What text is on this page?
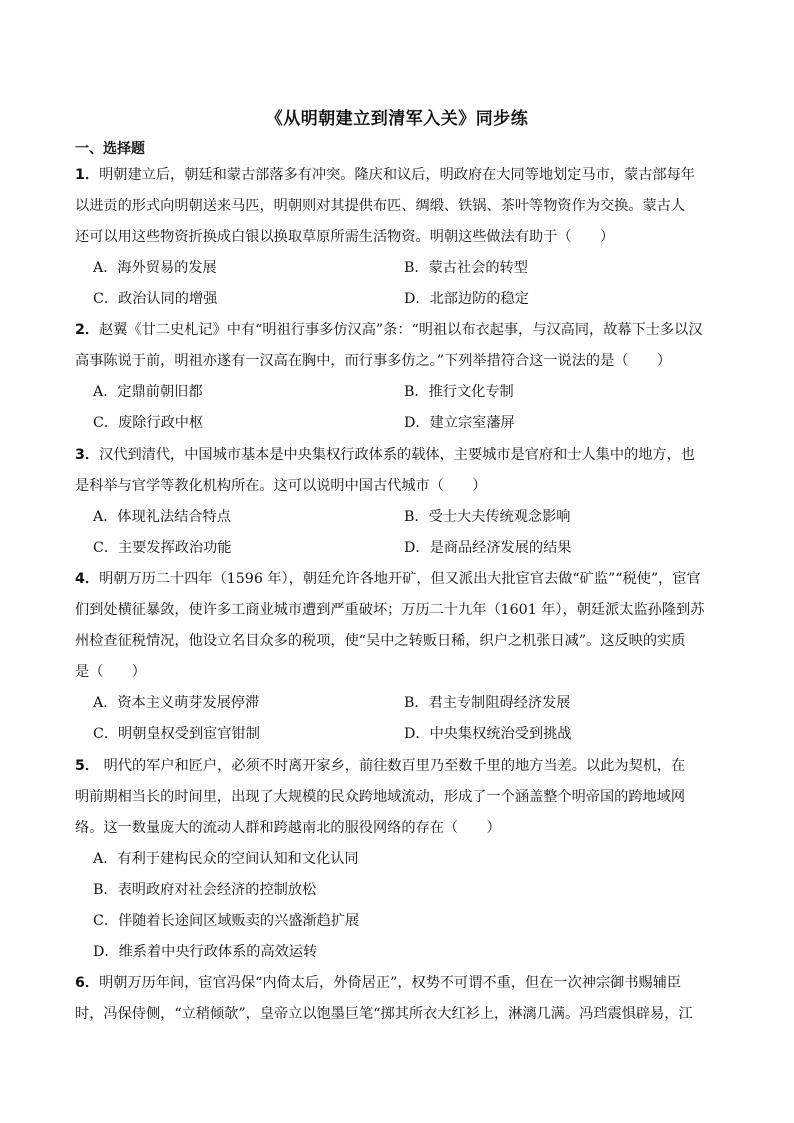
《从明朝建立到清军入关》同步练
一、选择题
1．明朝建立后，朝廷和蒙古部落多有冲突。隆庆和议后，明政府在大同等地划定马市，蒙古部每年
以进贡的形式向明朝送来马匹，明朝则对其提供布匹、绸缎、铁锅、茶叶等物资作为交换。蒙古人
还可以用这些物资折换成白银以换取草原所需生活物资。明朝这些做法有助于（　　）
A．海外贸易的发展	B．蒙古社会的转型
C．政治认同的增强	D．北部边防的稳定
2．赵翼《廿二史札记》中有“明祖行事多仿汉高”条：“明祖以布衣起事，与汉高同，故幕下士多以汉
高事陈说于前，明祖亦遂有一汉高在胸中，而行事多仿之。”下列举措符合这一说法的是（　　）
A．定鼎前朝旧都	B．推行文化专制
C．废除行政中枢	D．建立宗室藩屏
3．汉代到清代，中国城市基本是中央集权行政体系的载体，主要城市是官府和士人集中的地方，也
是科举与官学等教化机构所在。这可以说明中国古代城市（　　）
A．体现礼法结合特点	B．受士大夫传统观念影响
C．主要发挥政治功能	D．是商品经济发展的结果
4．明朝万历二十四年（1596 年），朝廷允许各地开矿，但又派出大批宦官去做“矿监”“税使”，宦官
们到处横征暴敛，使许多工商业城市遭到严重破坏；万历二十九年（1601 年），朝廷派太监孙隆到苏
州检查征税情况，他设立名目众多的税项，使“吴中之转贩日稀，织户之机张日减”。这反映的实质
是（　　）
A．资本主义萌芽发展停滞	B．君主专制阻碍经济发展
C．明朝皇权受到宦官钳制	D．中央集权统治受到挑战
5． 明代的军户和匠户，必须不时离开家乡，前往数百里乃至数千里的地方当差。以此为契机，在
明前期相当长的时间里，出现了大规模的民众跨地域流动，形成了一个涵盖整个明帝国的跨地域网
络。这一数量庞大的流动人群和跨越南北的服役网络的存在（　　）
A．有利于建构民众的空间认知和文化认同
B．表明政府对社会经济的控制放松
C．伴随着长途间区域贩卖的兴盛渐趋扩展
D．维系着中央行政体系的高效运转
6．明朝万历年间，宦官冯保“内倚太后，外倚居正”，权势不可谓不重，但在一次神宗御书赐辅臣
时，冯保侍侧，“立稍倾欹”，皇帝立以饱墨巨笔“掷其所衣大红衫上，淋漓几满。冯珰震惧辟易，江
